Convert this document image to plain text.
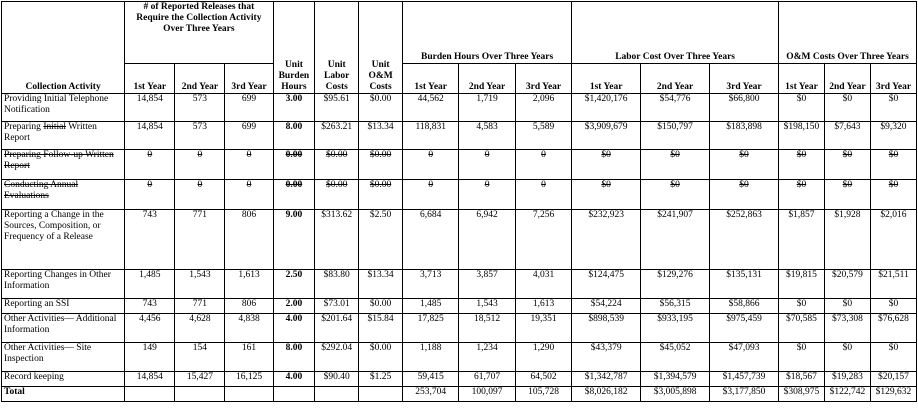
Collection Activity	# of Reported Releases that Require the Collection Activity Over Three Years			Unit Burden Hours	Unit Labor Costs	Unit O&M Costs	Burden Hours Over Three Years			Labor Cost Over Three Years			O&M Costs Over Three Years		
	1st Year	2nd Year	3rd Year				1st Year	2nd Year	3rd Year	1st Year	2nd Year	3rd Year	1st Year	2nd Year	3rd Year
Providing Initial Telephone Notification	14,854	573	699	3.00	$95.61	$0.00	44,562	1,719	2,096	$1,420,176	$54,776	$66,800	$0	$0	$0
Preparing Initial Written Report	14,854	573	699	8.00	$263.21	$13.34	118,831	4,583	5,589	$3,909,679	$150,797	$183,898	$198,150	$7,643	$9,320
Preparing Follow-up Written Report	0	0	0	0.00	$0.00	$0.00	0	0	0	$0	$0	$0	$0	$0	$0
Conducting Annual Evaluations	0	0	0	0.00	$0.00	$0.00	0	0	0	$0	$0	$0	$0	$0	$0
Reporting a Change in the Sources, Composition, or Frequency of a Release	743	771	806	9.00	$313.62	$2.50	6,684	6,942	7,256	$232,923	$241,907	$252,863	$1,857	$1,928	$2,016
Reporting Changes in Other Information	1,485	1,543	1,613	2.50	$83.80	$13.34	3,713	3,857	4,031	$124,475	$129,276	$135,131	$19,815	$20,579	$21,511
Reporting an SSI	743	771	806	2.00	$73.01	$0.00	1,485	1,543	1,613	$54,224	$56,315	$58,866	$0	$0	$0
Other Activities— Additional Information	4,456	4,628	4,838	4.00	$201.64	$15.84	17,825	18,512	19,351	$898,539	$933,195	$975,459	$70,585	$73,308	$76,628
Other Activities— Site Inspection	149	154	161	8.00	$292.04	$0.00	1,188	1,234	1,290	$43,379	$45,052	$47,093	$0	$0	$0
Record keeping	14,854	15,427	16,125	4.00	$90.40	$1.25	59,415	61,707	64,502	$1,342,787	$1,394,579	$1,457,739	$18,567	$19,283	$20,157
Total							253,704	100,097	105,728	$8,026,182	$3,005,898	$3,177,850	$308,975	$122,742	$129,632
